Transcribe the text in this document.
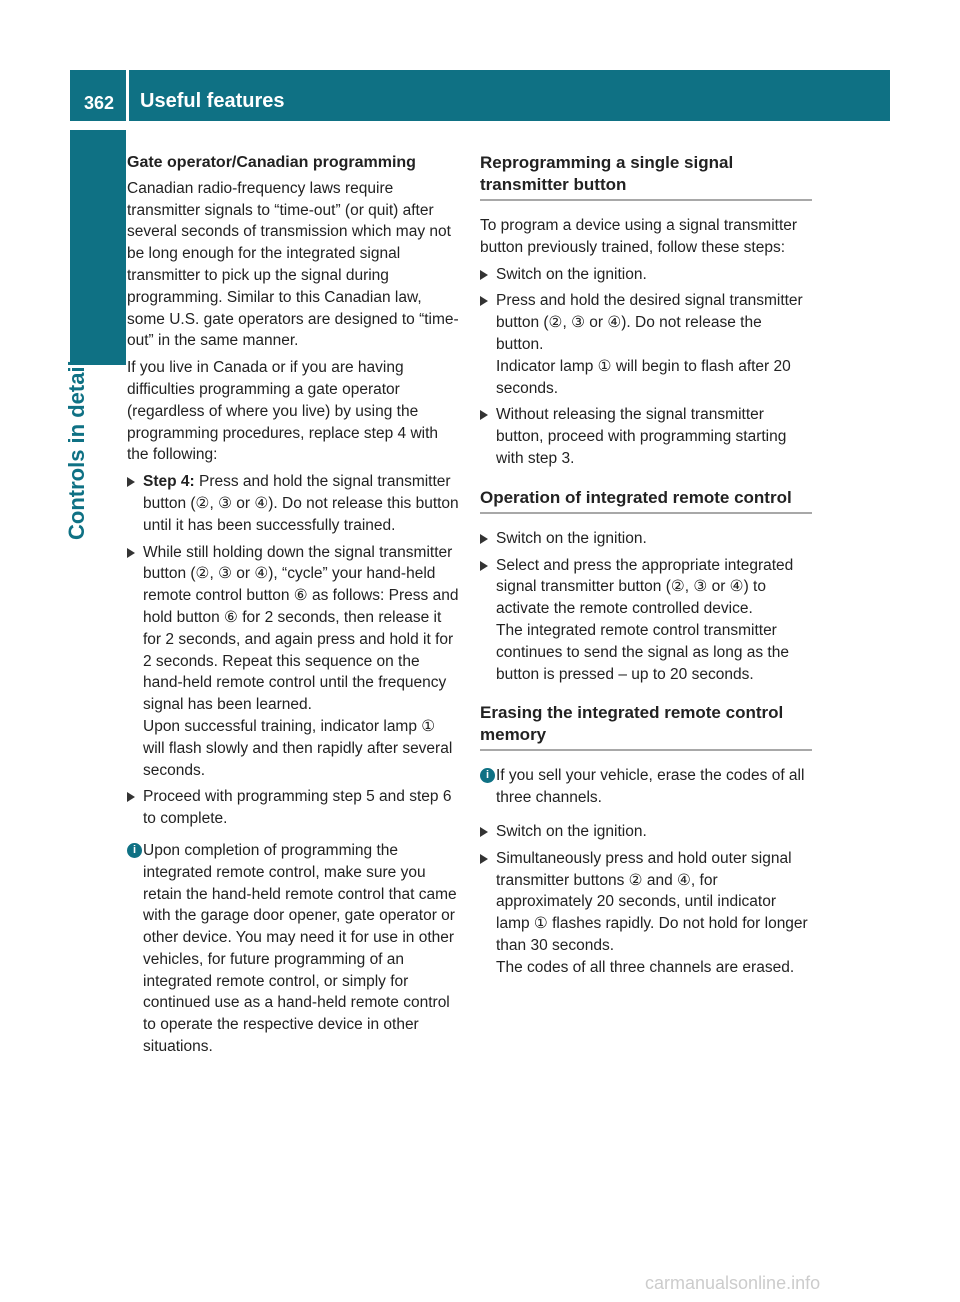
362 Useful features
Controls in detail
Gate operator/Canadian programming

Canadian radio-frequency laws require transmitter signals to “time-out” (or quit) after several seconds of transmission which may not be long enough for the integrated signal transmitter to pick up the signal during programming. Similar to this Canadian law, some U.S. gate operators are designed to “time-out” in the same manner.

If you live in Canada or if you are having difficulties programming a gate operator (regardless of where you live) by using the programming procedures, replace step 4 with the following:

Step 4: Press and hold the signal transmitter button (②, ③ or ④). Do not release this button until it has been successfully trained.
While still holding down the signal transmitter button (②, ③ or ④), “cycle” your hand-held remote control button ⑥ as follows: Press and hold button ⑥ for 2 seconds, then release it for 2 seconds, and again press and hold it for 2 seconds. Repeat this sequence on the hand-held remote control until the frequency signal has been learned.
Upon successful training, indicator lamp ① will flash slowly and then rapidly after several seconds.
Proceed with programming step 5 and step 6 to complete.
i Upon completion of programming the integrated remote control, make sure you retain the hand-held remote control that came with the garage door opener, gate operator or other device. You may need it for use in other vehicles, for future programming of an integrated remote control, or simply for continued use as a hand-held remote control to operate the respective device in other situations.
Reprogramming a single signal transmitter button

To program a device using a signal transmitter button previously trained, follow these steps:

Switch on the ignition.
Press and hold the desired signal transmitter button (②, ③ or ④). Do not release the button.
Indicator lamp ① will begin to flash after 20 seconds.
Without releasing the signal transmitter button, proceed with programming starting with step 3.
Operation of integrated remote control
Switch on the ignition.
Select and press the appropriate integrated signal transmitter button (②, ③ or ④) to activate the remote controlled device.
The integrated remote control transmitter continues to send the signal as long as the button is pressed – up to 20 seconds.
Erasing the integrated remote control memory
i If you sell your vehicle, erase the codes of all three channels.
Switch on the ignition.
Simultaneously press and hold outer signal transmitter buttons ② and ④, for approximately 20 seconds, until indicator lamp ① flashes rapidly. Do not hold for longer than 30 seconds.
The codes of all three channels are erased.
carmanualsonline.info
